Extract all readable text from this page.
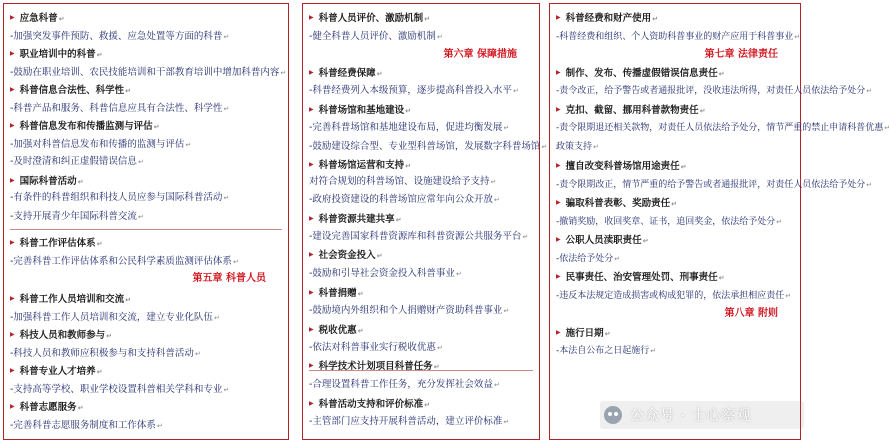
▶ 应急科普 ↵
-加强突发事件预防、救援、应急处置等方面的科普 ↵
▶ 职业培训中的科普 ↵
-鼓励在职业培训、农民技能培训和干部教育培训中增加科普内容 ↵
▶ 科普信息合法性、科学性 ↵
-科普产品和服务、科普信息应具有合法性、科学性 ↵
▶ 科普信息发布和传播监测与评估 ↵
-加强对科普信息发布和传播的监测与评估 ↵
-及时澄清和纠正虚假错误信息 ↵
▶ 国际科普活动 ↵
-有条件的科普组织和科技人员应参与国际科普活动 ↵
-支持开展青少年国际科普交流 ↵
▶ 科普工作评估体系 ↵
-完善科普工作评估体系和公民科学素质监测评估体系 ↵
第五章 科普人员
▶ 科普工作人员培训和交流 ↵
-加强科普工作人员培训和交流，建立专业化队伍 ↵
▶ 科技人员和教师参与 ↵
-科技人员和教师应积极参与和支持科普活动 ↵
▶ 科普专业人才培养 ↵
-支持高等学校、职业学校设置科普相关学科和专业 ↵
▶ 科普志愿服务 ↵
-完善科普志愿服务制度和工作体系 ↵
▶ 科普人员评价、激励机制 ↵
-健全科普人员评价、激励机制 ↵
第六章 保障措施
▶ 科普经费保障 ↵
-科普经费列入本级预算，逐步提高科普投入水平 ↵
▶ 科普场馆和基地建设 ↵
-完善科普场馆和基地建设布局，促进均衡发展 ↵
-鼓励建设综合型、专业型科普场馆，发展数字科普场馆 ↵
▶ 科普场馆运营和支持 ↵
对符合规划的科普场馆、设施建设给予支持 ↵
-政府投资建设的科普场馆应常年向公众开放 ↵
▶ 科普资源共建共享 ↵
-建设完善国家科普资源库和科普资源公共服务平台 ↵
▶ 社会资金投入 ↵
-鼓励和引导社会资金投入科普事业 ↵
▶ 科普捐赠 ↵
-鼓励境内外组织和个人捐赠财产资助科普事业 ↵
▶ 税收优惠 ↵
-依法对科普事业实行税收优惠 ↵
▶ 科学技术计划项目科普任务 ↵
-合理设置科普工作任务，充分发挥社会效益 ↵
▶ 科普活动支持和评价标准 ↵
-主管部门应支持开展科普活动，建立评价标准 ↵
▶ 科普经费和财产使用 ↵
-科普经费和组织、个人资助科普事业的财产应用于科普事业 ↵
第七章 法律责任
▶ 制作、发布、传播虚假错误信息责任 ↵
-责令改正，给予警告或者通报批评，没收违法所得，对责任人员依法给予处分 ↵
▶ 克扣、截留、挪用科普款物责任 ↵
-责令限期退还相关款物，对责任人员依法给予处分，情节严重的禁止申请科普优惠 ↵
政策支持 ↵
▶ 擅自改变科普场馆用途责任 ↵
-责令限期改正，情节严重的给予警告或者通报批评，对责任人员依法给予处分 ↵
▶ 骗取科普表彰、奖励责任 ↵
-撤销奖励，收回奖章、证书，追回奖金，依法给予处分 ↵
▶ 公职人员渎职责任 ↵
-依法给予处分 ↵
▶ 民事责任、治安管理处罚、刑事责任 ↵
-违反本法规定造成损害或构成犯罪的，依法承担相应责任 ↵
第八章 附则
▶ 施行日期 ↵
-本法自公布之日起施行 ↵
公众号 · 士心察观
